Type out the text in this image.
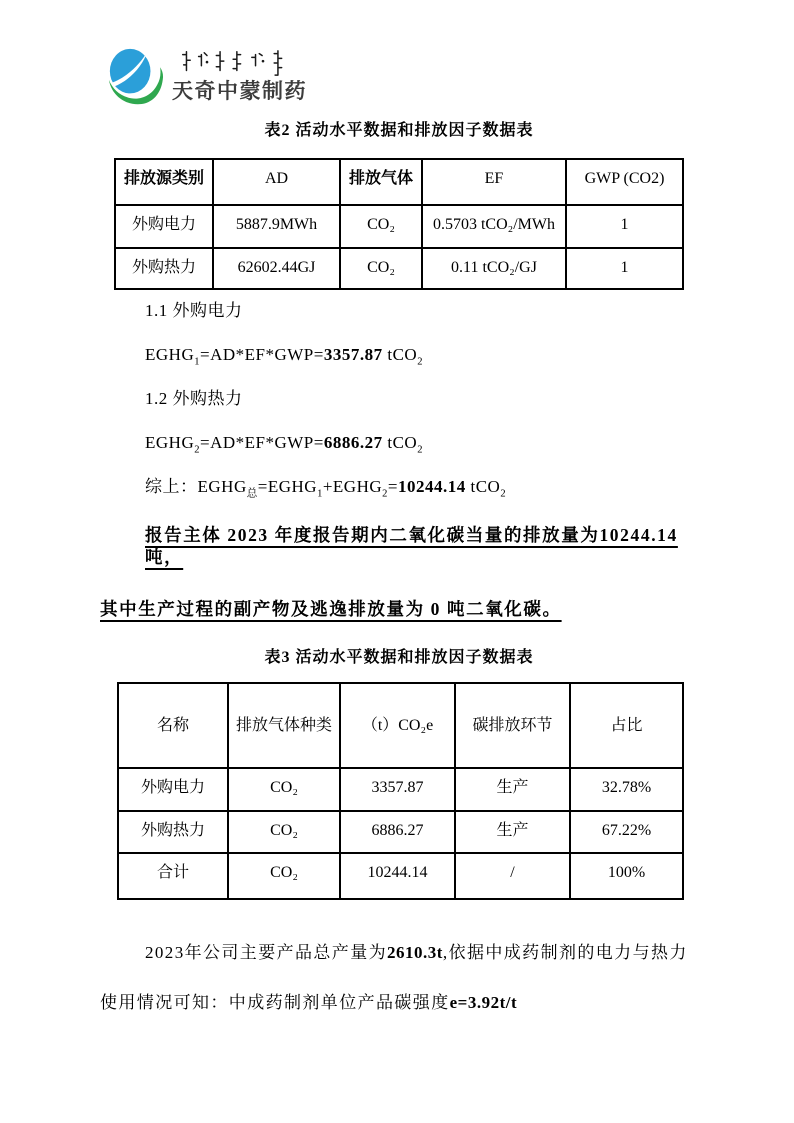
天奇中蒙制药
表2 活动水平数据和排放因子数据表
排放源类别	AD	排放气体	EF	GWP (CO2)
外购电力	5887.9MWh	CO₂	0.5703 tCO₂/MWh	1
外购热力	62602.44GJ	CO₂	0.11 tCO₂/GJ	1

1.1 外购电力

$EGHG_1=AD*EF*GWP=3357.87$ tCO$_2$

1.2 外购热力

$EGHG_2=AD*EF*GWP=6886.27$ tCO$_2$

综上：$EGHG_总=EGHG_1+EGHG_2=10244.14$ tCO$_2$

报告主体 2023 年度报告期内二氧化碳当量的排放量为10244.14吨，

其中生产过程的副产物及逃逸排放量为 0 吨二氧化碳。

表3 活动水平数据和排放因子数据表
名称	排放气体种类	（t）CO₂e	碳排放环节	占比
外购电力	CO₂	3357.87	生产	32.78%
外购热力	CO₂	6886.27	生产	67.22%
合计	CO₂	10244.14	/	100%

2023年公司主要产品总产量为2610.3t,依据中成药制剂的电力与热力

使用情况可知：中成药制剂单位产品碳强度e=3.92t/t
